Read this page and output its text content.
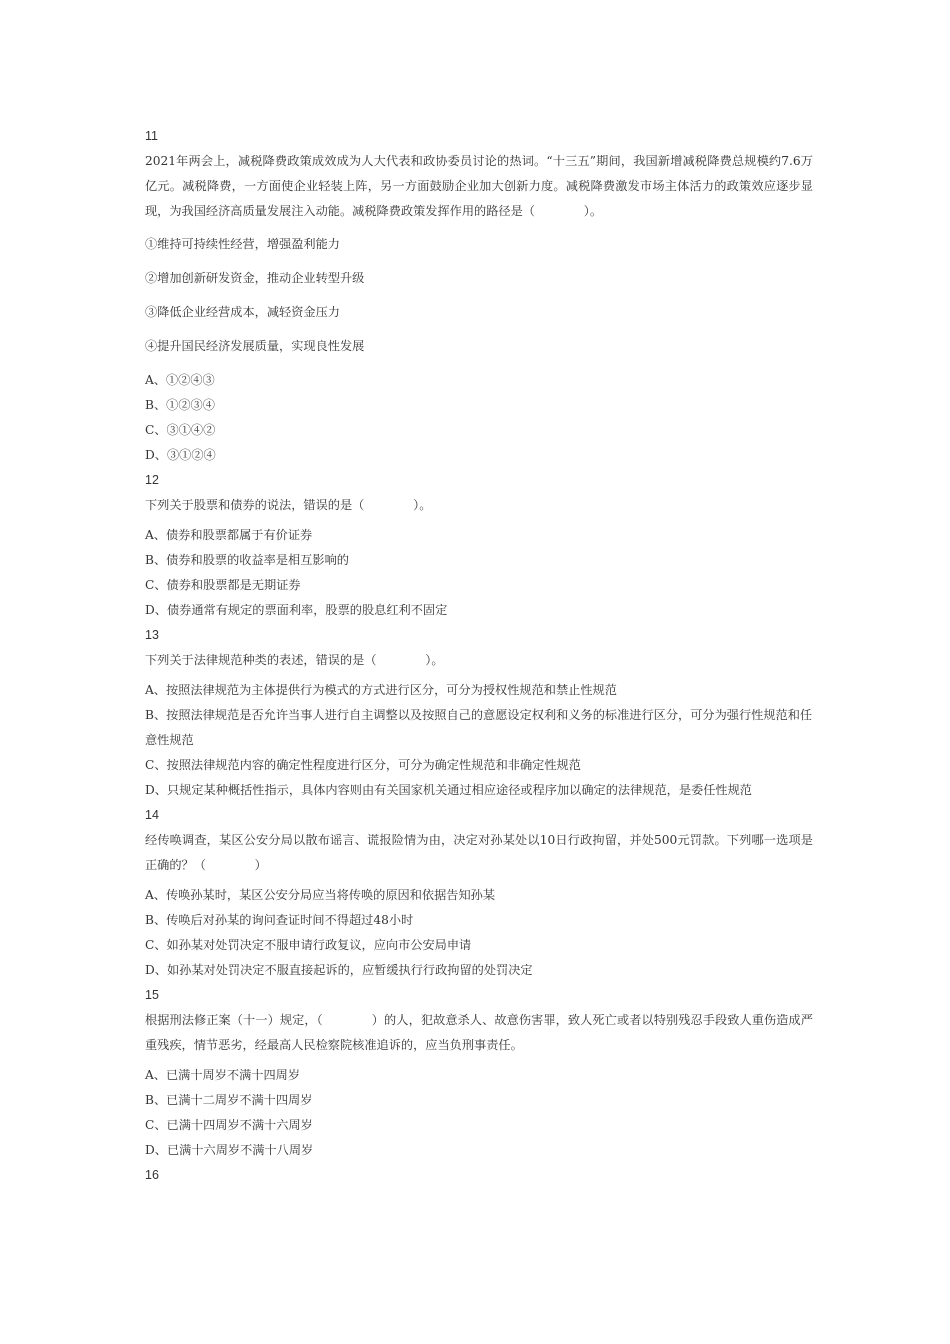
11
2021年两会上，减税降费政策成效成为人大代表和政协委员讨论的热词。“十三五”期间，我国新增减税降费总规模约7.6万亿元。减税降费，一方面使企业轻装上阵，另一方面鼓励企业加大创新力度。减税降费激发市场主体活力的政策效应逐步显现，为我国经济高质量发展注入动能。减税降费政策发挥作用的路径是（　　　　）。
①维持可持续性经营，增强盈利能力
②增加创新研发资金，推动企业转型升级
③降低企业经营成本，减轻资金压力
④提升国民经济发展质量，实现良性发展
A、①②④③
B、①②③④
C、③①④②
D、③①②④
12
下列关于股票和债券的说法，错误的是（　　　　）。
A、债券和股票都属于有价证券
B、债券和股票的收益率是相互影响的
C、债券和股票都是无期证券
D、债券通常有规定的票面利率，股票的股息红利不固定
13
下列关于法律规范种类的表述，错误的是（　　　　）。
A、按照法律规范为主体提供行为模式的方式进行区分，可分为授权性规范和禁止性规范
B、按照法律规范是否允许当事人进行自主调整以及按照自己的意愿设定权利和义务的标准进行区分，可分为强行性规范和任意性规范
C、按照法律规范内容的确定性程度进行区分，可分为确定性规范和非确定性规范
D、只规定某种概括性指示，具体内容则由有关国家机关通过相应途径或程序加以确定的法律规范，是委任性规范
14
经传唤调查，某区公安分局以散布谣言、谎报险情为由，决定对孙某处以10日行政拘留，并处500元罚款。下列哪一选项是正确的？（　　　　）
A、传唤孙某时，某区公安分局应当将传唤的原因和依据告知孙某
B、传唤后对孙某的询问查证时间不得超过48小时
C、如孙某对处罚决定不服申请行政复议，应向市公安局申请
D、如孙某对处罚决定不服直接起诉的，应暂缓执行行政拘留的处罚决定
15
根据刑法修正案（十一）规定，（　　　　）的人，犯故意杀人、故意伤害罪，致人死亡或者以特别残忍手段致人重伤造成严重残疾，情节恶劣，经最高人民检察院核准追诉的，应当负刑事责任。
A、已满十周岁不满十四周岁
B、已满十二周岁不满十四周岁
C、已满十四周岁不满十六周岁
D、已满十六周岁不满十八周岁
16
